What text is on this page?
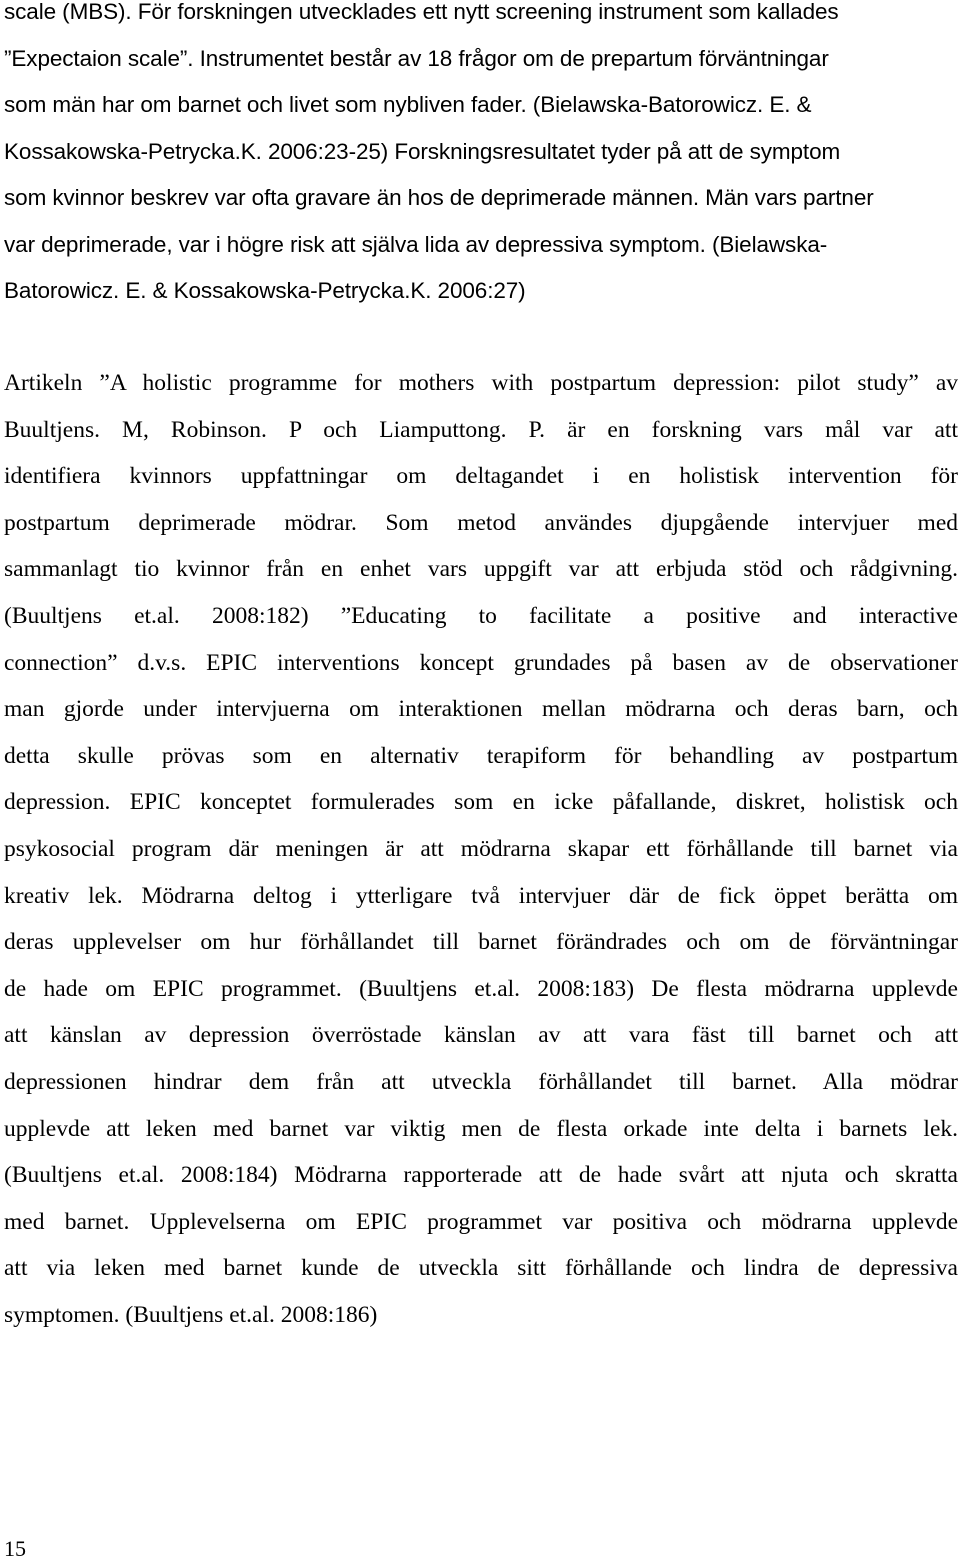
scale (MBS). För forskningen utvecklades ett nytt screening instrument som kallades
”Expectaion scale”. Instrumentet består av 18 frågor om de prepartum förväntningar
som män har om barnet och livet som nybliven fader. (Bielawska-Batorowicz. E. &
Kossakowska-Petrycka.K. 2006:23-25) Forskningsresultatet tyder på att de symptom
som kvinnor beskrev var ofta gravare än hos de deprimerade männen. Män vars partner
var deprimerade, var i högre risk att själva lida av depressiva symptom. (Bielawska-
Batorowicz. E. & Kossakowska-Petrycka.K. 2006:27)
Artikeln ”A holistic programme for mothers with postpartum depression: pilot study” av
Buultjens. M, Robinson. P och Liamputtong. P. är en forskning vars mål var att
identifiera kvinnors uppfattningar om deltagandet i en holistisk intervention för
postpartum deprimerade mödrar. Som metod användes djupgående intervjuer med
sammanlagt tio kvinnor från en enhet vars uppgift var att erbjuda stöd och rådgivning.
(Buultjens et.al. 2008:182) ”Educating to facilitate a positive and interactive
connection” d.v.s. EPIC interventions koncept grundades på basen av de observationer
man gjorde under intervjuerna om interaktionen mellan mödrarna och deras barn, och
detta skulle prövas som en alternativ terapiform för behandling av postpartum
depression. EPIC konceptet formulerades som en icke påfallande, diskret, holistisk och
psykosocial program där meningen är att mödrarna skapar ett förhållande till barnet via
kreativ lek. Mödrarna deltog i ytterligare två intervjuer där de fick öppet berätta om
deras upplevelser om hur förhållandet till barnet förändrades och om de förväntningar
de hade om EPIC programmet. (Buultjens et.al. 2008:183) De flesta mödrarna upplevde
att känslan av depression överröstade känslan av att vara fäst till barnet och att
depressionen hindrar dem från att utveckla förhållandet till barnet. Alla mödrar
upplevde att leken med barnet var viktig men de flesta orkade inte delta i barnets lek.
(Buultjens et.al. 2008:184) Mödrarna rapporterade att de hade svårt att njuta och skratta
med barnet. Upplevelserna om EPIC programmet var positiva och mödrarna upplevde
att via leken med barnet kunde de utveckla sitt förhållande och lindra de depressiva
symptomen. (Buultjens et.al. 2008:186)
15
